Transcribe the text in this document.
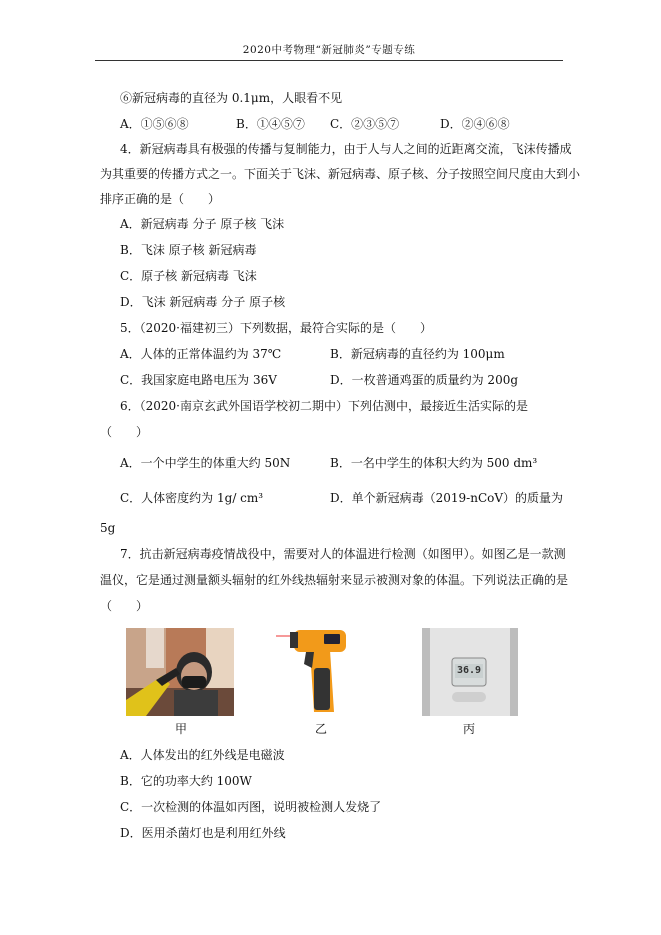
2020中考物理“新冠肺炎”专题专练
⑥新冠病毒的直径为 0.1μm，人眼看不见
A．①⑤⑥⑧	B．①④⑤⑦ C．②③⑤⑦	D．②④⑥⑧
4．新冠病毒具有极强的传播与复制能力，由于人与人之间的近距离交流，飞沫传播成
为其重要的传播方式之一。下面关于飞沫、新冠病毒、原子核、分子按照空间尺度由大到小
排序正确的是（　　）
A．新冠病毒 分子 原子核 飞沫
B．飞沫 原子核 新冠病毒
C．原子核 新冠病毒 飞沫
D．飞沫 新冠病毒 分子 原子核
5．（2020·福建初三）下列数据，最符合实际的是（　　）
A．人体的正常体温约为 37℃	B．新冠病毒的直径约为 100μm
C．我国家庭电路电压为 36V	D．一枚普通鸡蛋的质量约为 200g
6．（2020·南京玄武外国语学校初二期中）下列估测中，最接近生活实际的是
（　　）
A．一个中学生的体重大约 50N	B．一名中学生的体积大约为 500 dm³
C．人体密度约为 1g/ cm³	D．单个新冠病毒（2019-nCoV）的质量为
5g
7．抗击新冠病毒疫情战役中，需要对人的体温进行检测（如图甲）。如图乙是一款测
温仪，它是通过测量额头辐射的红外线热辐射来显示被测对象的体温。下列说法正确的是
（　　）
36.9
甲	乙	丙
A．人体发出的红外线是电磁波
B．它的功率大约 100W
C．一次检测的体温如丙图，说明被检测人发烧了
D．医用杀菌灯也是利用红外线
